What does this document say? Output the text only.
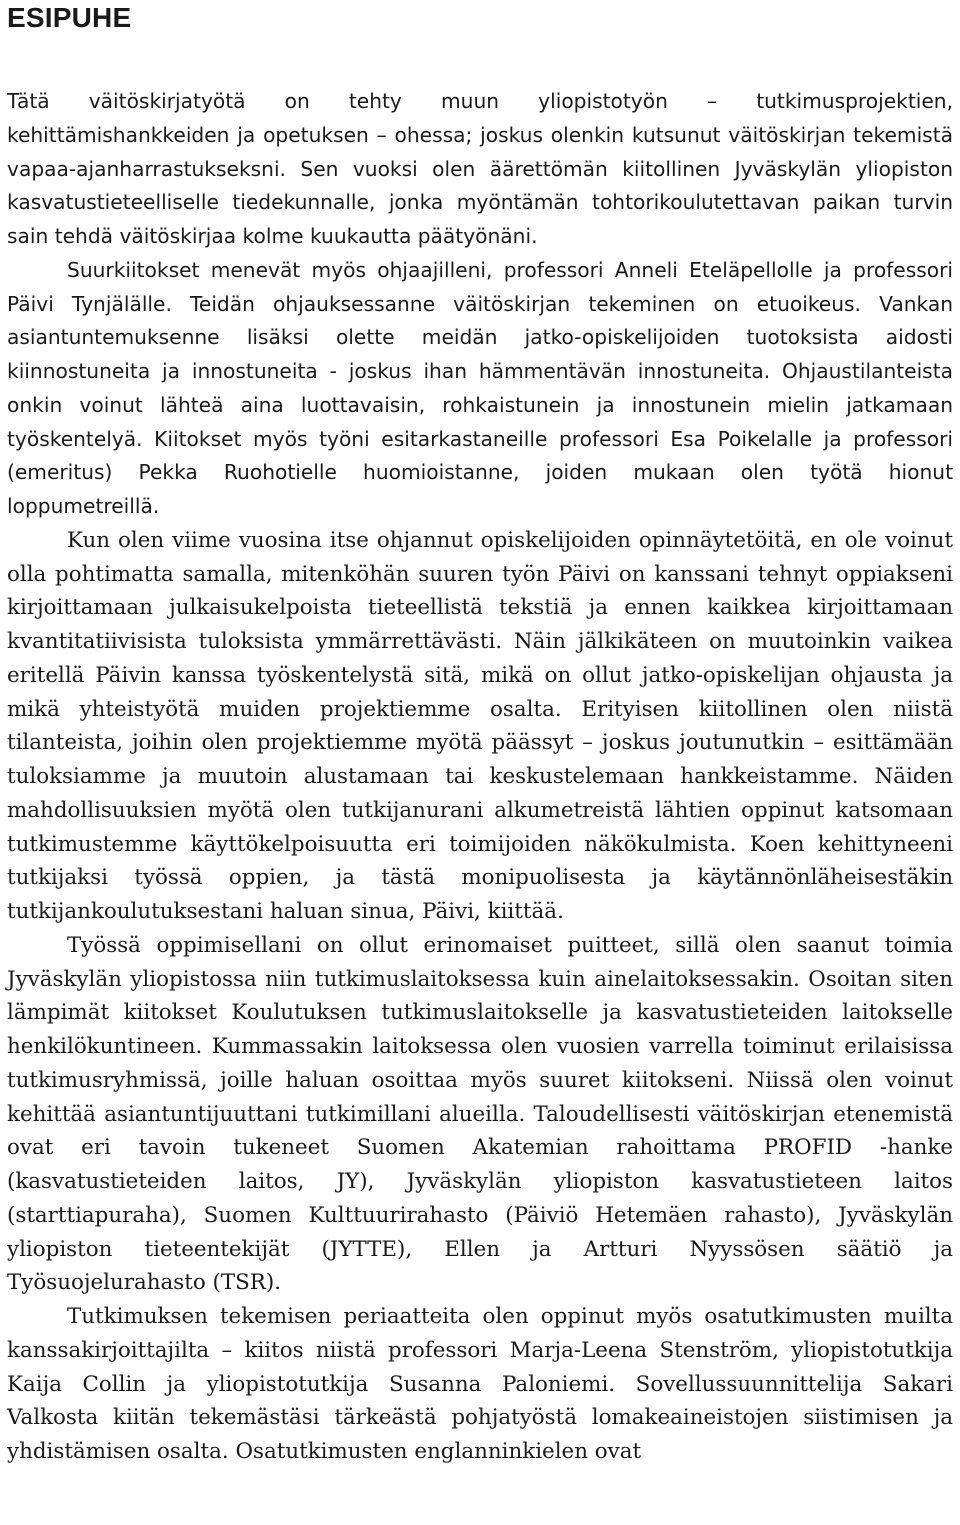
ESIPUHE

Tätä väitöskirjatyötä on tehty muun yliopistotyön – tutkimusprojektien, kehittämishankkeiden ja opetuksen – ohessa; joskus olenkin kutsunut väitöskirjan tekemistä vapaa-ajanharrastukseksni. Sen vuoksi olen äärettömän kiitollinen Jyväskylän yliopiston kasvatustieteelliselle tiedekunnalle, jonka myöntämän tohtorikoulutettavan paikan turvin sain tehdä väitöskirjaa kolme kuukautta päätyönäni.

Suurkiitokset menevät myös ohjaajilleni, professori Anneli Eteläpellolle ja professori Päivi Tynjälälle. Teidän ohjauksessanne väitöskirjan tekeminen on etuoikeus. Vankan asiantuntemuksenne lisäksi olette meidän jatko-opiskelijoiden tuotoksista aidosti kiinnostuneita ja innostuneita - joskus ihan hämmentävän innostuneita. Ohjaustilanteista onkin voinut lähteä aina luottavaisin, rohkaistunein ja innostunein mielin jatkamaan työskentelyä. Kiitokset myös työni esitarkastaneille professori Esa Poikelalle ja professori (emeritus) Pekka Ruohotielle huomioistanne, joiden mukaan olen työtä hionut loppumetreillä.

Kun olen viime vuosina itse ohjannut opiskelijoiden opinnäytetöitä, en ole voinut olla pohtimatta samalla, mitenköhän suuren työn Päivi on kanssani tehnyt oppiakseni kirjoittamaan julkaisukelpoista tieteellistä tekstiä ja ennen kaikkea kirjoittamaan kvantitatiivisista tuloksista ymmärrettävästi. Näin jälkikäteen on muutoinkin vaikea eritellä Päivin kanssa työskentelystä sitä, mikä on ollut jatko-opiskelijan ohjausta ja mikä yhteistyötä muiden projektiemme osalta. Erityisen kiitollinen olen niistä tilanteista, joihin olen projektiemme myötä päässyt – joskus joutunutkin – esittämään tuloksiamme ja muutoin alustamaan tai keskustelemaan hankkeistamme. Näiden mahdollisuuksien myötä olen tutkijanurani alkumetreistä lähtien oppinut katsomaan tutkimustemme käyttökelpoisuutta eri toimijoiden näkökulmista. Koen kehittyneeni tutkijaksi työssä oppien, ja tästä monipuolisesta ja käytännönläheisestäkin tutkijankoulutuksestani haluan sinua, Päivi, kiittää.

Työssä oppimisellani on ollut erinomaiset puitteet, sillä olen saanut toimia Jyväskylän yliopistossa niin tutkimuslaitoksessa kuin ainelaitoksessakin. Osoitan siten lämpimät kiitokset Koulutuksen tutkimuslaitokselle ja kasvatustieteiden laitokselle henkilökuntineen. Kummassakin laitoksessa olen vuosien varrella toiminut erilaisissa tutkimusryhmissä, joille haluan osoittaa myös suuret kiitokseni. Niissä olen voinut kehittää asiantuntijuuttani tutkimillani alueilla. Taloudellisesti väitöskirjan etenemistä ovat eri tavoin tukeneet Suomen Akatemian rahoittama PROFID -hanke (kasvatustieteiden laitos, JY), Jyväskylän yliopiston kasvatustieteen laitos (starttiapuraha), Suomen Kulttuurirahasto (Päiviö Hetemäen rahasto), Jyväskylän yliopiston tieteentekijät (JYTTE), Ellen ja Artturi Nyyssösen säätiö ja Työsuojelurahasto (TSR).

Tutkimuksen tekemisen periaatteita olen oppinut myös osatutkimusten muilta kanssakirjoittajilta – kiitos niistä professori Marja-Leena Stenström, yliopistotutkija Kaija Collin ja yliopistotutkija Susanna Paloniemi. Sovellussuunnittelija Sakari Valkosta kiitän tekemästäsi tärkeästä pohjatyöstä lomakeaineistojen siistimisen ja yhdistämisen osalta. Osatutkimusten englanninkielen ovat
